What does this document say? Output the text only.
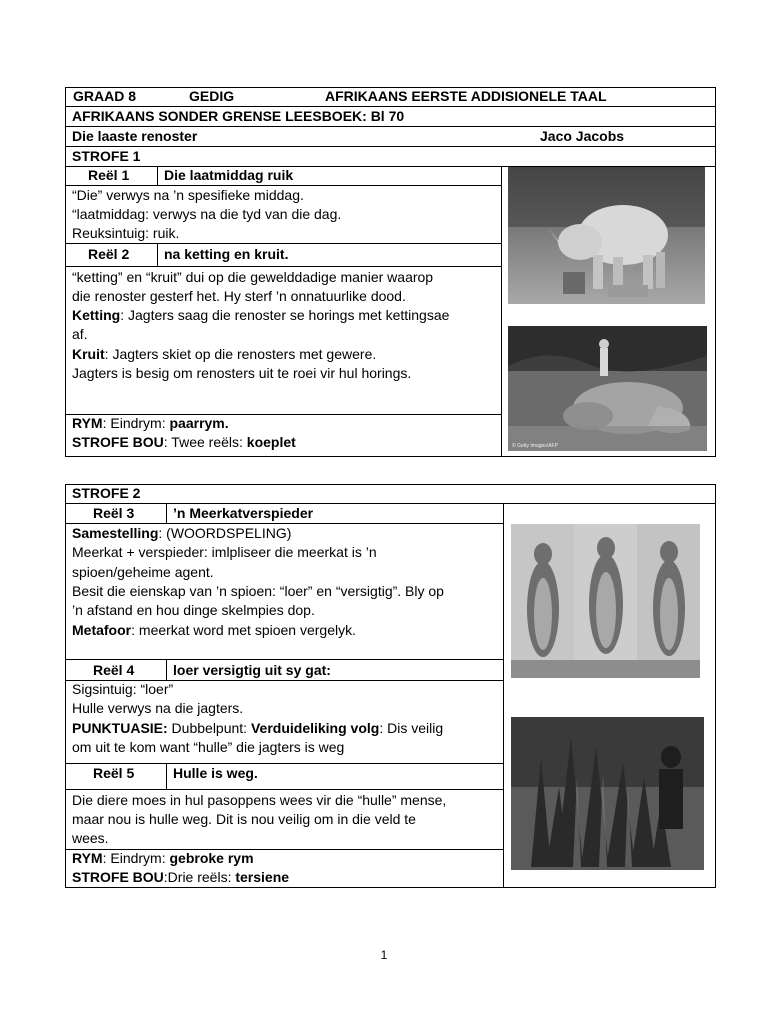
GRAAD 8	GEDIG	AFRIKAANS EERSTE ADDISIONELE TAAL
AFRIKAANS SONDER GRENSE LEESBOEK: Bl 70
Die laaste renoster	Jaco Jacobs
STROFE 1
Reël 1 Die laatmiddag ruik
“Die” verwys na ’n spesifieke middag.
“laatmiddag: verwys na die tyd van die dag.
Reuksintuig: ruik.
Reël 2 na ketting en kruit.
“ketting” en “kruit” dui op die gewelddadige manier waarop
die renoster gesterf het. Hy sterf ’n onnatuurlike dood.
Ketting: Jagters saag die renoster se horings met kettingsae
af.
Kruit: Jagters skiet op die renosters met gewere.
Jagters is besig om renosters uit te roei vir hul horings.
RYM: Eindrym: paarrym.
STROFE BOU: Twee reëls: koeplet	© Getty Images/AFP
STROFE 2
Reël 3	’n Meerkatverspieder
Samestelling: (WOORDSPELING)
Meerkat + verspieder: imlpliseer die meerkat is ’n
spioen/geheime agent.
Besit die eienskap van ’n spioen: “loer” en “versigtig”. Bly op
’n afstand en hou dinge skelmpies dop.
Metafoor: meerkat word met spioen vergelyk.
Reël 4	loer versigtig uit sy gat:
Sigsintuig: “loer”
Hulle verwys na die jagters.
PUNKTUASIE: Dubbelpunt: Verduideliking volg: Dis veilig
om uit te kom want “hulle” die jagters is weg
Reël 5	Hulle is weg.
Die diere moes in hul pasoppens wees vir die “hulle” mense,
maar nou is hulle weg. Dit is nou veilig om in die veld te
wees.
RYM: Eindrym: gebroke rym
STROFE BOU:Drie reëls: tersiene
1
